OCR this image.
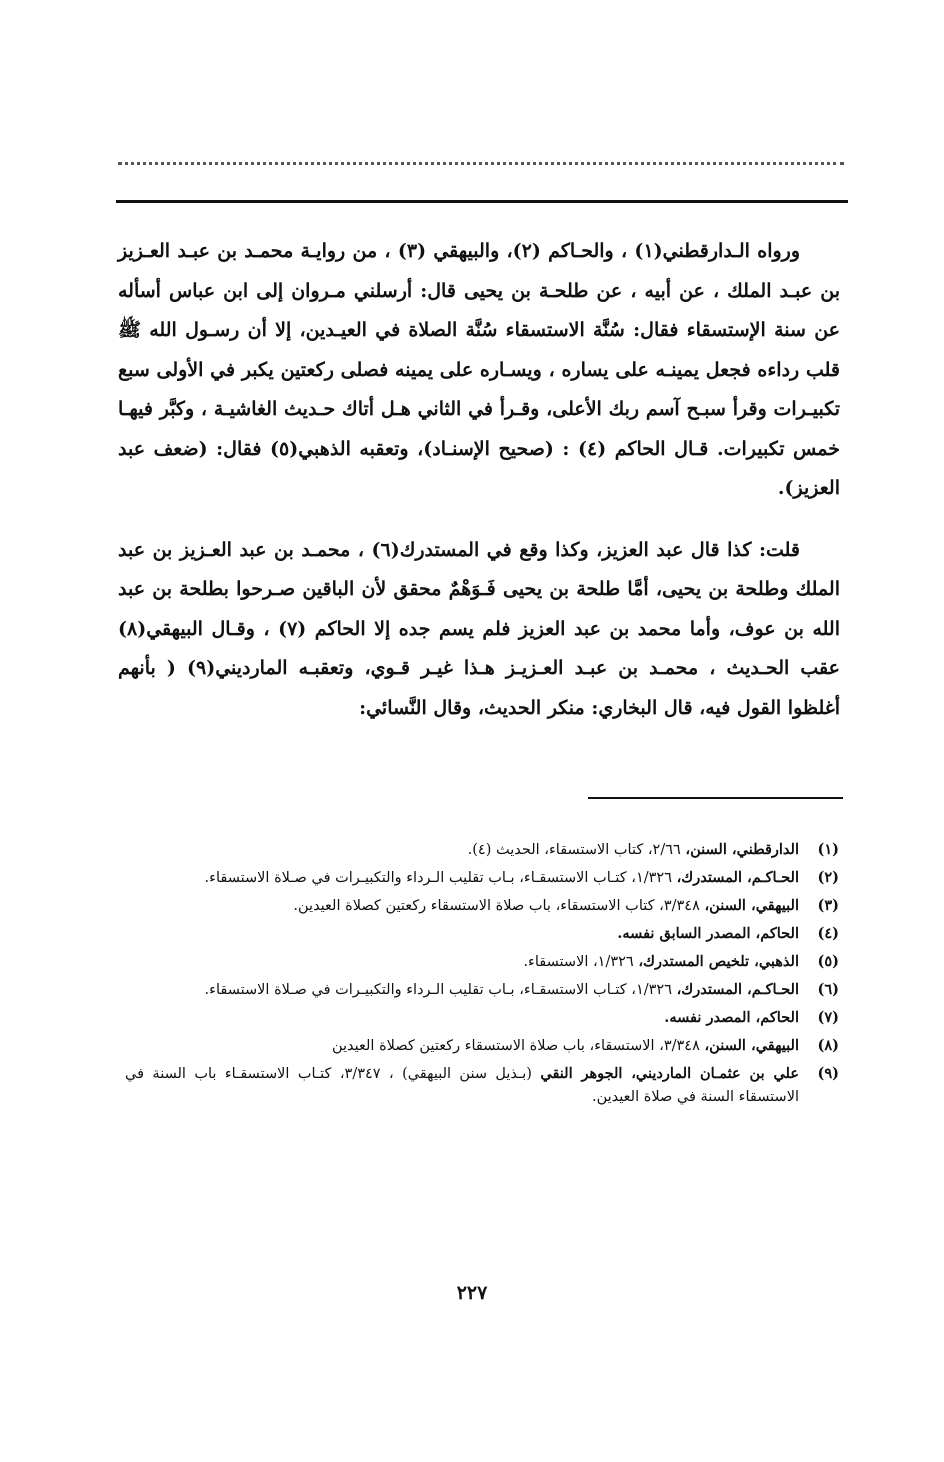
ورواه الـدارقطني(١) ، والحـاكم (٢)، والبيهقي (٣) ، من روايـة محمـد بن عبـد العـزيز بن عبـد الملك ، عن أبيه ، عن طلحـة بن يحيى قال: أرسلني مـروان إلى ابن عباس أسأله عن سنة الإستسقاء فقال: سُنَّة الاستسقاء سُنَّة الصلاة في العيـدين، إلا أن رسـول الله ﷺ قلب رداءه فجعل يمينـه على يساره ، ويسـاره على يمينه فصلى ركعتين يكبر في الأولى سبع تكبيـرات وقرأ سبـح آسم ربك الأعلى، وقـرأ في الثاني هـل أتاك حـديث الغاشيـة ، وكبَّر فيهـا خمس تكبيرات. قـال الحاكم (٤) : (صحيح الإسنـاد)، وتعقبه الذهبي(٥) فقال: (ضعف عبد العزيز).

قلت: كذا قال عبد العزيز، وكذا وقع في المستدرك(٦) ، محمـد بن عبد العـزيز بن عبد الملك وطلحة بن يحيى، أمَّا طلحة بن يحيى فَـوَهْمٌ محقق لأن الباقين صـرحوا بطلحة بن عبد الله بن عوف، وأما محمد بن عبد العزيز فلم يسم جده إلا الحاكم (٧) ، وقـال البيهقي(٨) عقب الحـديث ، محمـد بن عبـد العـزيـز هـذا غيـر قـوي، وتعقبـه المارديني(٩) ( بأنهم أغلظوا القول فيه، قال البخاري: منكر الحديث، وقال النَّسائي:

(١)
الدارقطني، السنن، ٢/٦٦، كتاب الاستسقاء، الحديث (٤).
(٢)
الحـاكـم، المستدرك، ١/٣٢٦، كتـاب الاستسقـاء، بـاب تقليب الـرداء والتكبيـرات في صـلاة الاستسقاء.
(٣)
البيهقي، السنن، ٣/٣٤٨، كتاب الاستسقاء، باب صلاة الاستسقاء ركعتين كصلاة العيدين.
(٤)
الحاكم، المصدر السابق نفسه.
(٥)
الذهبي، تلخيص المستدرك، ١/٣٢٦، الاستسقاء.
(٦)
الحـاكـم، المستدرك، ١/٣٢٦، كتـاب الاستسقـاء، بـاب تقليب الـرداء والتكبيـرات في صـلاة الاستسقاء.
(٧)
الحاكم، المصدر نفسه.
(٨)
البيهقي، السنن، ٣/٣٤٨، الاستسقاء، باب صلاة الاستسقاء ركعتين كصلاة العيدين
(٩)
علي بن عثمـان المارديني، الجوهر النقي (بـذيل سنن البيهقي) ، ٣/٣٤٧، كتـاب الاستسقـاء باب السنة في الاستسقاء السنة في صلاة العيدين.
٢٢٧
